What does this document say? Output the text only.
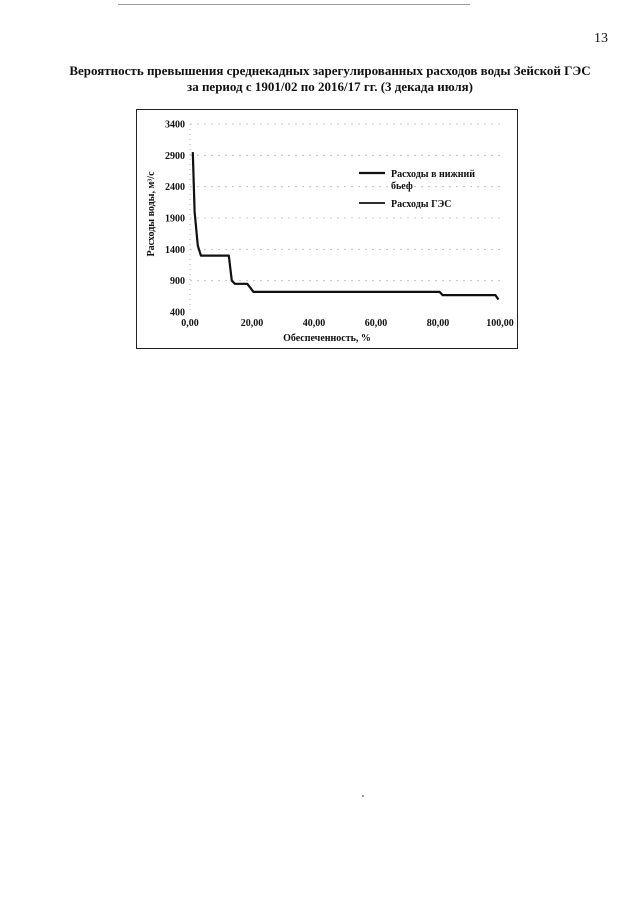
13
Вероятность превышения среднекадных зарегулированных расходов воды Зейской ГЭС
за период с 1901/02 по 2016/17 гг. (3 декада июля)
400
900
1400
1900
2400
2900
3400
0,00	20,00	40,00	60,00	80,00	100,00
Расходы в нижний бьеф
Расходы ГЭС
Обеспеченность, %
Расходы воды, м³/с
